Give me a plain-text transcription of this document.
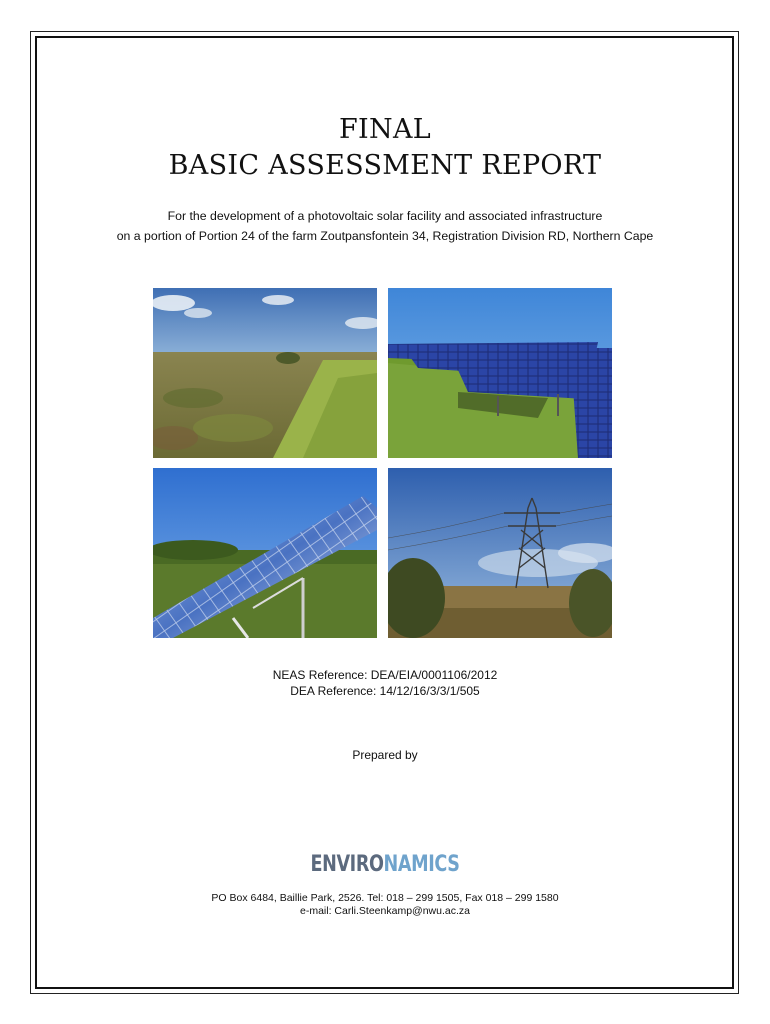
FINAL
BASIC ASSESSMENT REPORT
For the development of a photovoltaic solar facility and associated infrastructure
on a portion of Portion 24 of the farm Zoutpansfontein 34, Registration Division RD, Northern Cape
NEAS Reference: DEA/EIA/0001106/2012
DEA Reference: 14/12/16/3/3/1/505
Prepared by
ENVIRONAMICS
PO Box 6484, Baillie Park, 2526. Tel: 018 – 299 1505, Fax 018 – 299 1580
e-mail: Carli.Steenkamp@nwu.ac.za
